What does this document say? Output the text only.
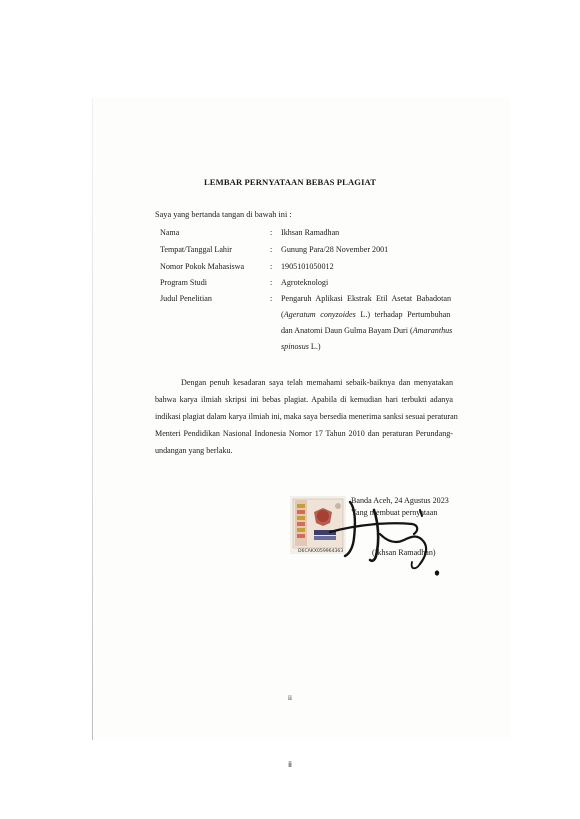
LEMBAR PERNYATAAN BEBAS PLAGIAT
Saya yang bertanda tangan di bawah ini :
Nama	: Ikhsan Ramadhan
Tempat/Tanggal Lahir	: Gunung Para/28 November 2001
Nomor Pokok Mahasiswa	: 1905101050012
Program Studi	: Agroteknologi
Judul Penelitian	: Pengaruh Aplikasi Ekstrak Etil Asetat Babadotan
(Ageratum conyzoides L.) terhadap Pertumbuhan
dan Anatomi Daun Gulma Bayam Duri (Amaranthus
spinosus L.)
Dengan penuh kesadaran saya telah memahami sebaik-baiknya dan menyatakan
bahwa karya ilmiah skripsi ini bebas plagiat. Apabila di kemudian hari terbukti adanya
indikasi plagiat dalam karya ilmiah ini, maka saya bersedia menerima sanksi sesuai peraturan
Menteri Pendidikan Nasional Indonesia Nomor 17 Tahun 2010 dan peraturan Perundang-
undangan yang berlaku.
D6CAKX059964363
Banda Aceh, 24 Agustus 2023
Yang membuat pernyataan
(Ikhsan Ramadhan)
ii
ii
